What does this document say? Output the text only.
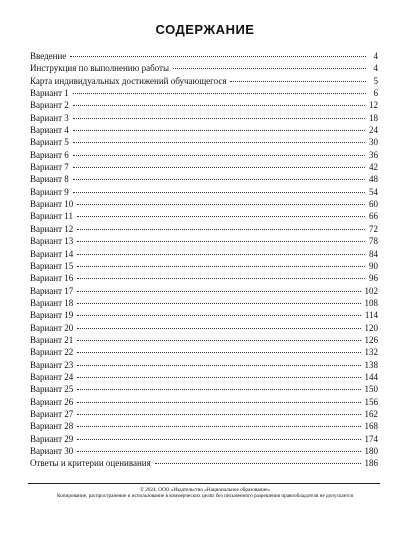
СОДЕРЖАНИЕ
Введение	4
Инструкция по выполнению работы	4
Карта индивидуальных достижений обучающегося	5
Вариант 1	6
Вариант 2	12
Вариант 3	18
Вариант 4	24
Вариант 5	30
Вариант 6	36
Вариант 7	42
Вариант 8	48
Вариант 9	54
Вариант 10	60
Вариант 11	66
Вариант 12	72
Вариант 13	78
Вариант 14	84
Вариант 15	90
Вариант 16	96
Вариант 17	102
Вариант 18	108
Вариант 19	114
Вариант 20	120
Вариант 21	126
Вариант 22	132
Вариант 23	138
Вариант 24	144
Вариант 25	150
Вариант 26	156
Вариант 27	162
Вариант 28	168
Вариант 29	174
Вариант 30	180
Ответы и критерии оценивания	186
© 2024. ООО «Издательство «Национальное образование»
Копирование, распространение и использование в коммерческих целях без письменного разрешения правообладателя не допускается
